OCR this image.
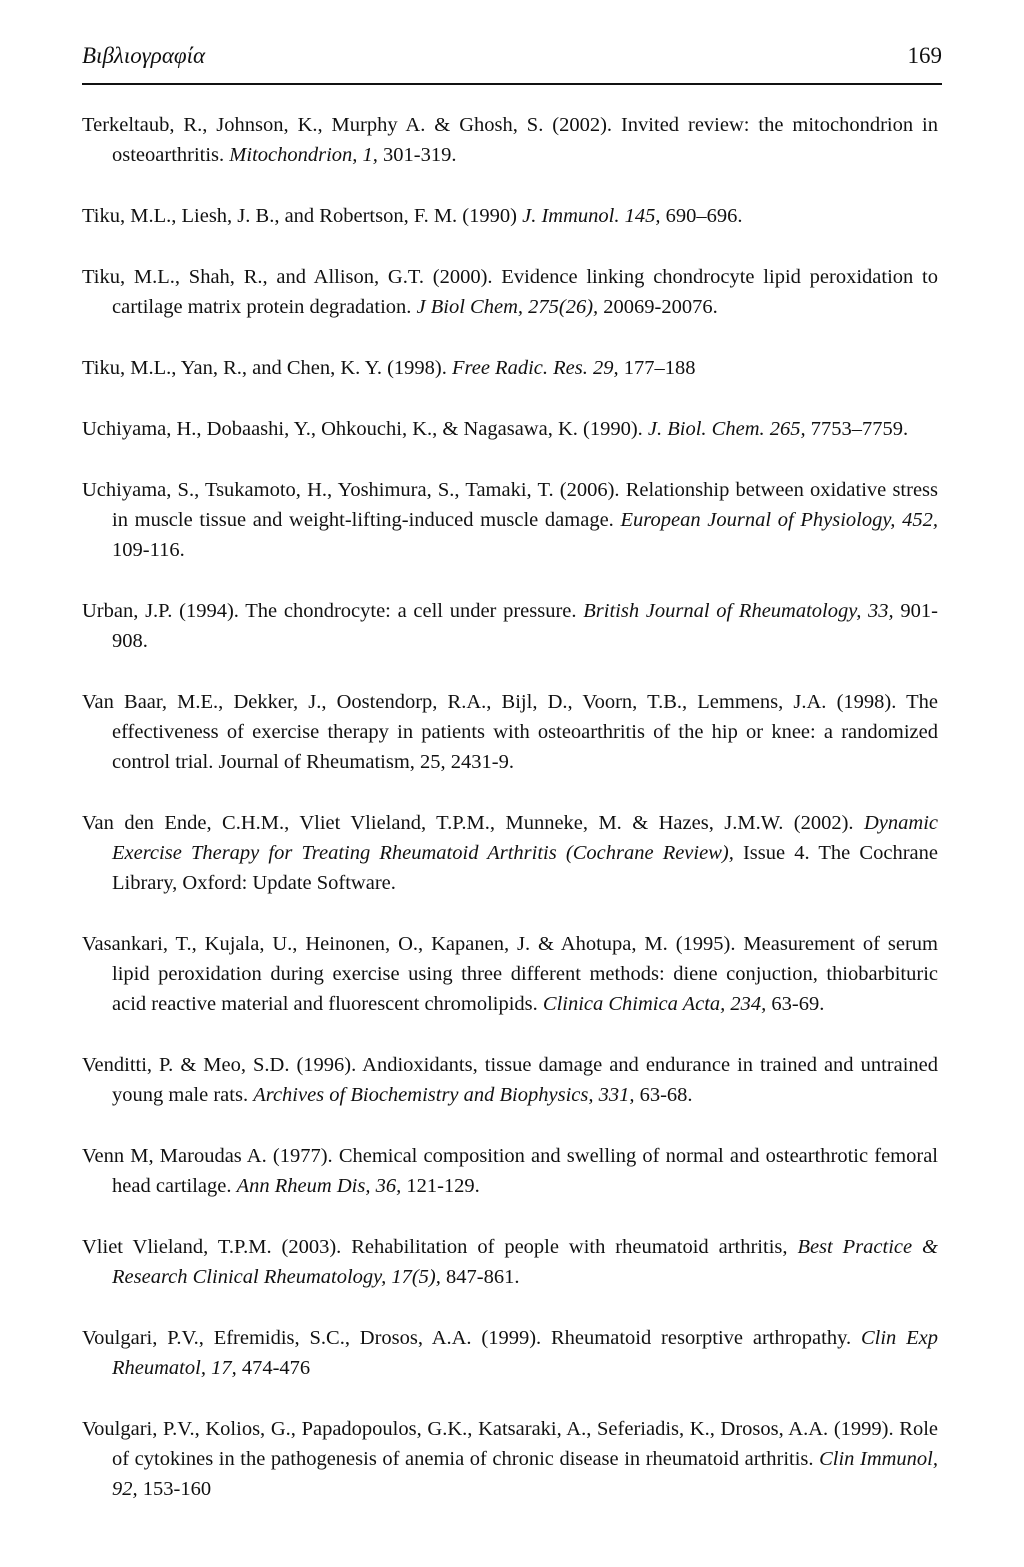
Βιβλιογραφία	169

Terkeltaub, R., Johnson, K., Murphy A. & Ghosh, S. (2002). Invited review: the mitochondrion in osteoarthritis. Mitochondrion, 1, 301-319.

Tiku, M.L., Liesh, J. B., and Robertson, F. M. (1990) J. Immunol. 145, 690–696.

Tiku, M.L., Shah, R., and Allison, G.T. (2000). Evidence linking chondrocyte lipid peroxidation to cartilage matrix protein degradation. J Biol Chem, 275(26), 20069-20076.

Tiku, M.L., Yan, R., and Chen, K. Y. (1998). Free Radic. Res. 29, 177–188

Uchiyama, H., Dobaashi, Y., Ohkouchi, K., & Nagasawa, K. (1990). J. Biol. Chem. 265, 7753–7759.

Uchiyama, S., Tsukamoto, H., Yoshimura, S., Tamaki, T. (2006). Relationship between oxidative stress in muscle tissue and weight-lifting-induced muscle damage. European Journal of Physiology, 452, 109-116.

Urban, J.P. (1994). The chondrocyte: a cell under pressure. British Journal of Rheumatology, 33, 901-908.

Van Baar, M.E., Dekker, J., Oostendorp, R.A., Bijl, D., Voorn, T.B., Lemmens, J.A. (1998). The effectiveness of exercise therapy in patients with osteoarthritis of the hip or knee: a randomized control trial. Journal of Rheumatism, 25, 2431-9.

Van den Ende, C.H.M., Vliet Vlieland, T.P.M., Munneke, M. & Hazes, J.M.W. (2002). Dynamic Exercise Therapy for Treating Rheumatoid Arthritis (Cochrane Review), Issue 4. The Cochrane Library, Oxford: Update Software.

Vasankari, T., Kujala, U., Heinonen, O., Kapanen, J. & Ahotupa, M. (1995). Measurement of serum lipid peroxidation during exercise using three different methods: diene conjuction, thiobarbituric acid reactive material and fluorescent chromolipids. Clinica Chimica Acta, 234, 63-69.

Venditti, P. & Meo, S.D. (1996). Andioxidants, tissue damage and endurance in trained and untrained young male rats. Archives of Biochemistry and Biophysics, 331, 63-68.

Venn M, Maroudas A. (1977). Chemical composition and swelling of normal and ostearthrotic femoral head cartilage. Ann Rheum Dis, 36, 121-129.

Vliet Vlieland, T.P.M. (2003). Rehabilitation of people with rheumatoid arthritis, Best Practice & Research Clinical Rheumatology, 17(5), 847-861.

Voulgari, P.V., Efremidis, S.C., Drosos, A.A. (1999). Rheumatoid resorptive arthropathy. Clin Exp Rheumatol, 17, 474-476

Voulgari, P.V., Kolios, G., Papadopoulos, G.K., Katsaraki, A., Seferiadis, K., Drosos, A.A. (1999). Role of cytokines in the pathogenesis of anemia of chronic disease in rheumatoid arthritis. Clin Immunol, 92, 153-160
